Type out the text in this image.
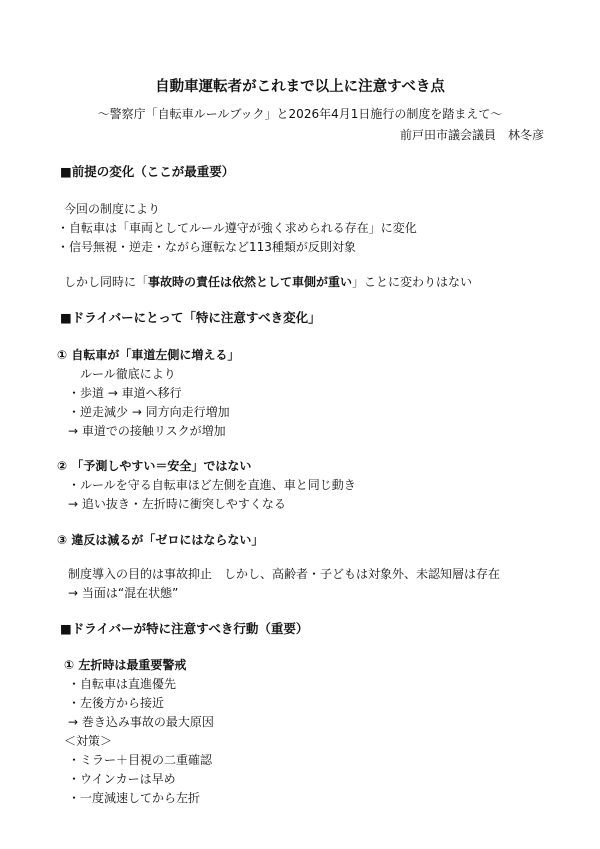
自動車運転者がこれまで以上に注意すべき点
〜警察庁「自転車ルールブック」と2026年4月1日施行の制度を踏まえて〜
前戸田市議会議員　林冬彦
■前提の変化（ここが最重要）
今回の制度により
・自転車は「車両としてルール遵守が強く求められる存在」に変化
・信号無視・逆走・ながら運転など113種類が反則対象
しかし同時に「事故時の責任は依然として車側が重い」ことに変わりはない
■ドライバーにとって「特に注意すべき変化」
① 自転車が「車道左側に増える」
ルール徹底により
・歩道 → 車道へ移行
・逆走減少 → 同方向走行増加
→ 車道での接触リスクが増加
② 「予測しやすい＝安全」ではない
・ルールを守る自転車ほど左側を直進、車と同じ動き
→ 追い抜き・左折時に衝突しやすくなる
③ 違反は減るが「ゼロにはならない」
制度導入の目的は事故抑止　しかし、高齢者・子どもは対象外、未認知層は存在
→ 当面は“混在状態”
■ドライバーが特に注意すべき行動（重要）
① 左折時は最重要警戒
・自転車は直進優先
・左後方から接近
→ 巻き込み事故の最大原因
＜対策＞
・ミラー＋目視の二重確認
・ウインカーは早め
・一度減速してから左折
